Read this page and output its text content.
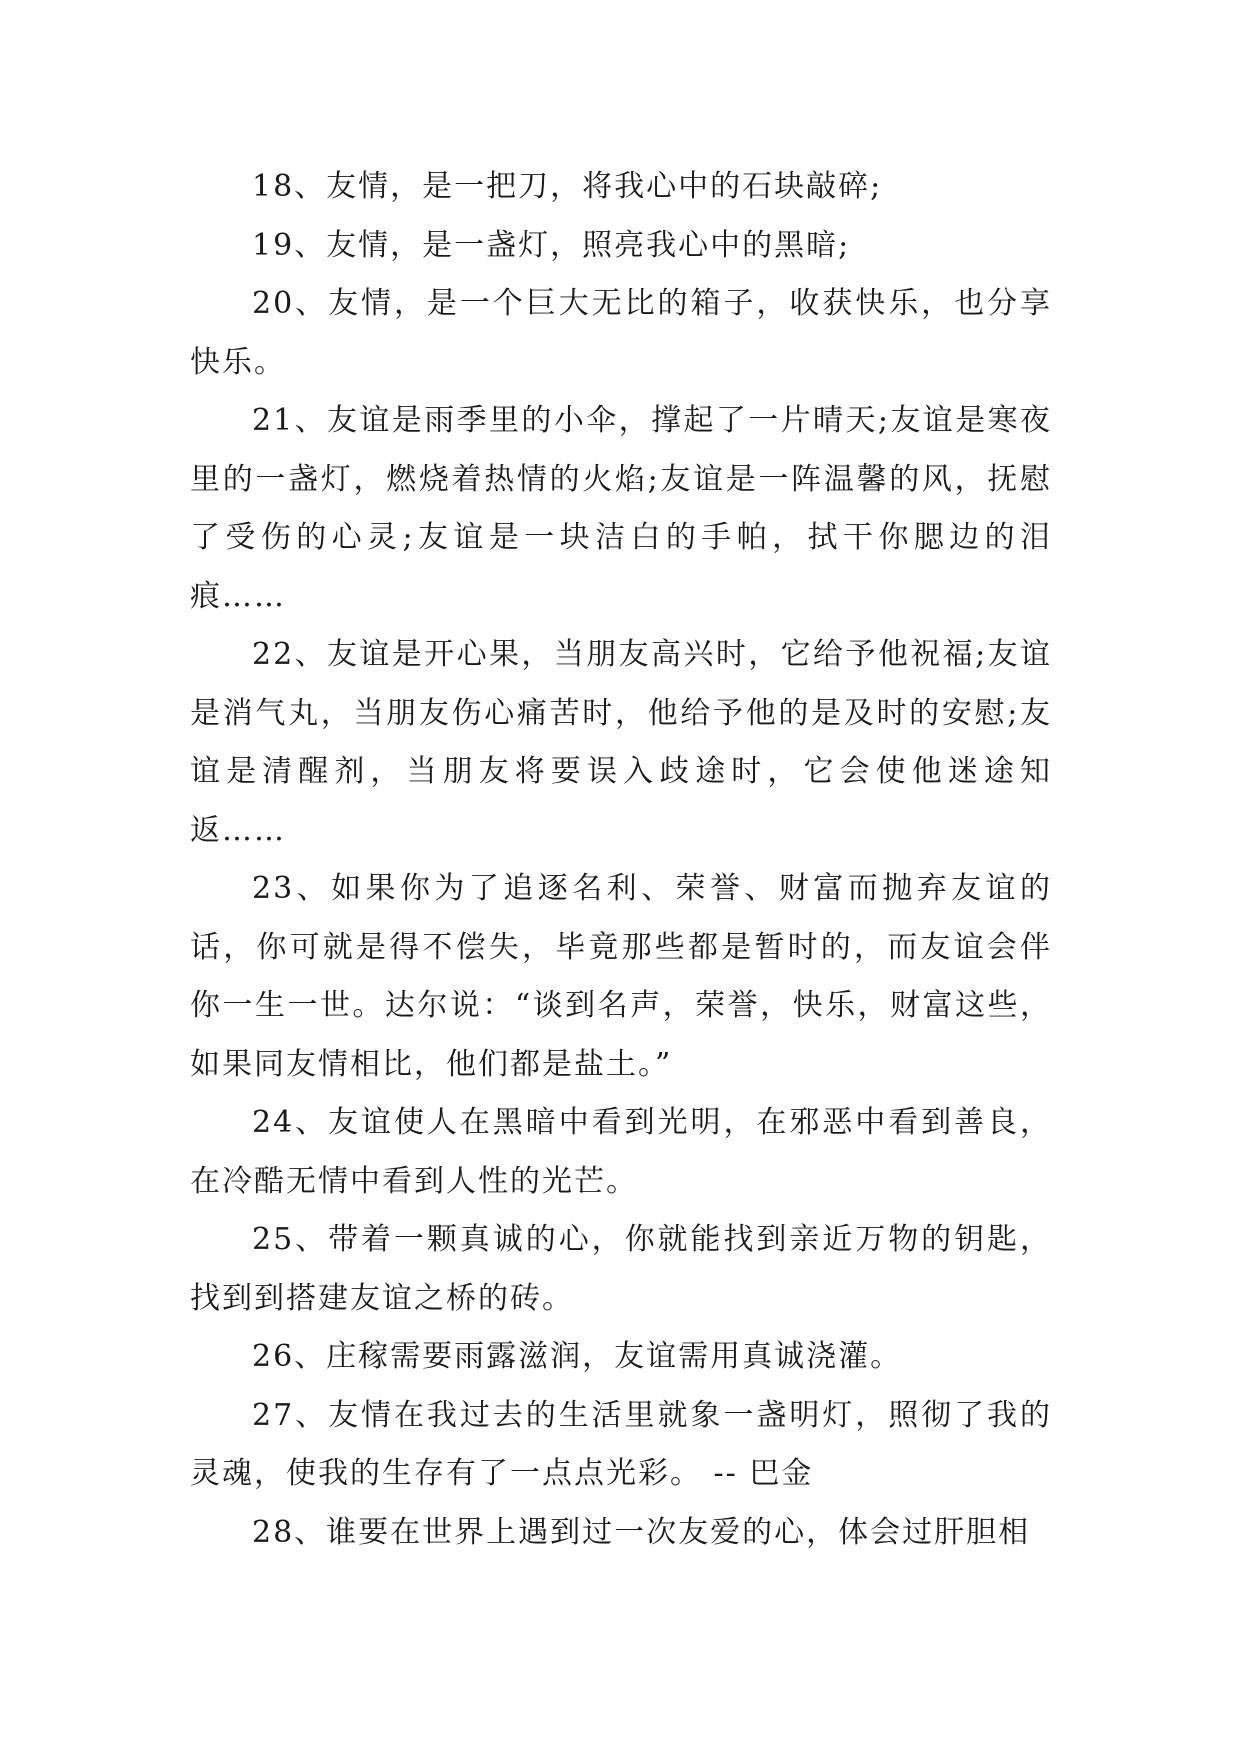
18、友情，是一把刀，将我心中的石块敲碎;

19、友情，是一盏灯，照亮我心中的黑暗;

20、友情，是一个巨大无比的箱子，收获快乐，也分享快乐。

21、友谊是雨季里的小伞，撑起了一片晴天;友谊是寒夜里的一盏灯，燃烧着热情的火焰;友谊是一阵温馨的风，抚慰了受伤的心灵;友谊是一块洁白的手帕，拭干你腮边的泪痕……

22、友谊是开心果，当朋友高兴时，它给予他祝福;友谊是消气丸，当朋友伤心痛苦时，他给予他的是及时的安慰;友谊是清醒剂，当朋友将要误入歧途时，它会使他迷途知返……

23、如果你为了追逐名利、荣誉、财富而抛弃友谊的话，你可就是得不偿失，毕竟那些都是暂时的，而友谊会伴你一生一世。达尔说：“谈到名声，荣誉，快乐，财富这些，如果同友情相比，他们都是盐土。”

24、友谊使人在黑暗中看到光明，在邪恶中看到善良，在冷酷无情中看到人性的光芒。

25、带着一颗真诚的心，你就能找到亲近万物的钥匙，找到到搭建友谊之桥的砖。

26、庄稼需要雨露滋润，友谊需用真诚浇灌。

27、友情在我过去的生活里就象一盏明灯，照彻了我的灵魂，使我的生存有了一点点光彩。 -- 巴金

28、谁要在世界上遇到过一次友爱的心，体会过肝胆相
